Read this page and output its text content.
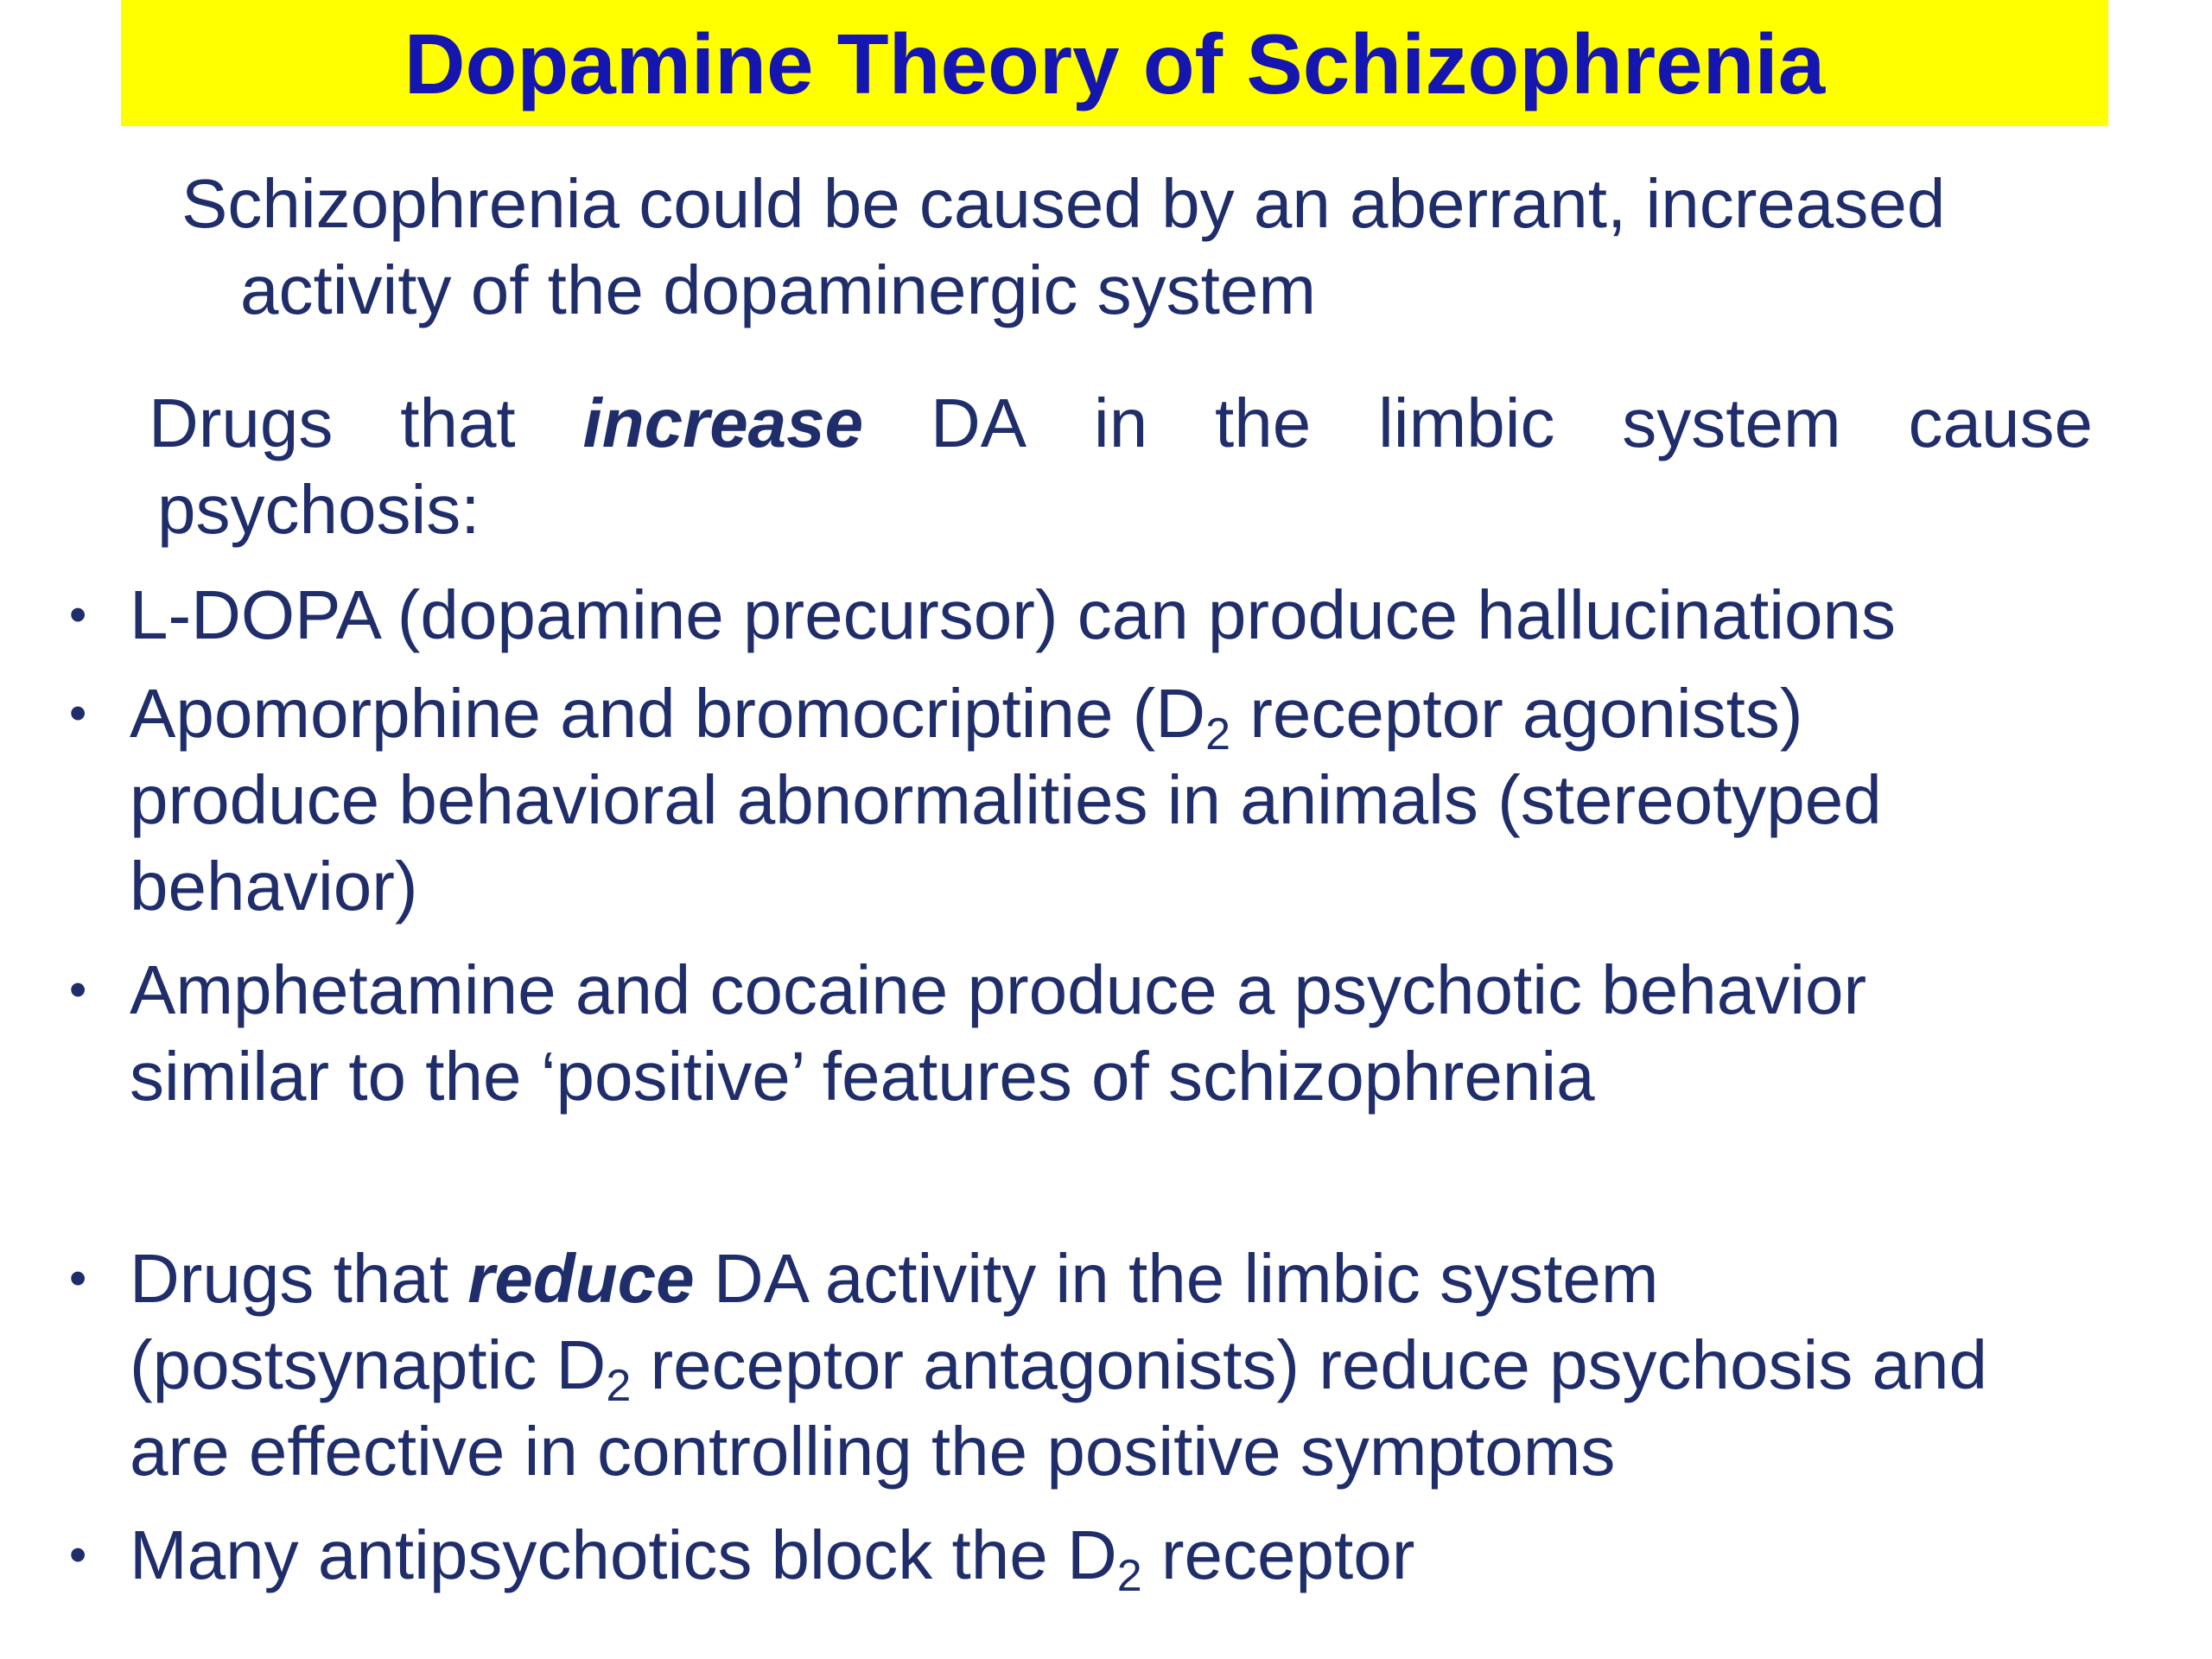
Dopamine Theory of Schizophrenia
Schizophrenia could be caused by an aberrant, increased
activity of the dopaminergic system
Drugs that increase DA in the limbic system cause
psychosis:
• L-DOPA (dopamine precursor) can produce hallucinations
• Apomorphine and bromocriptine ($D_2$ receptor agonists)
produce behavioral abnormalities in animals (stereotyped
behavior)
• Amphetamine and cocaine produce a psychotic behavior
similar to the ‘positive’ features of schizophrenia
• Drugs that reduce DA activity in the limbic system
(postsynaptic $D_2$ receptor antagonists) reduce psychosis and
are effective in controlling the positive symptoms
• Many antipsychotics block the $D_2$ receptor
